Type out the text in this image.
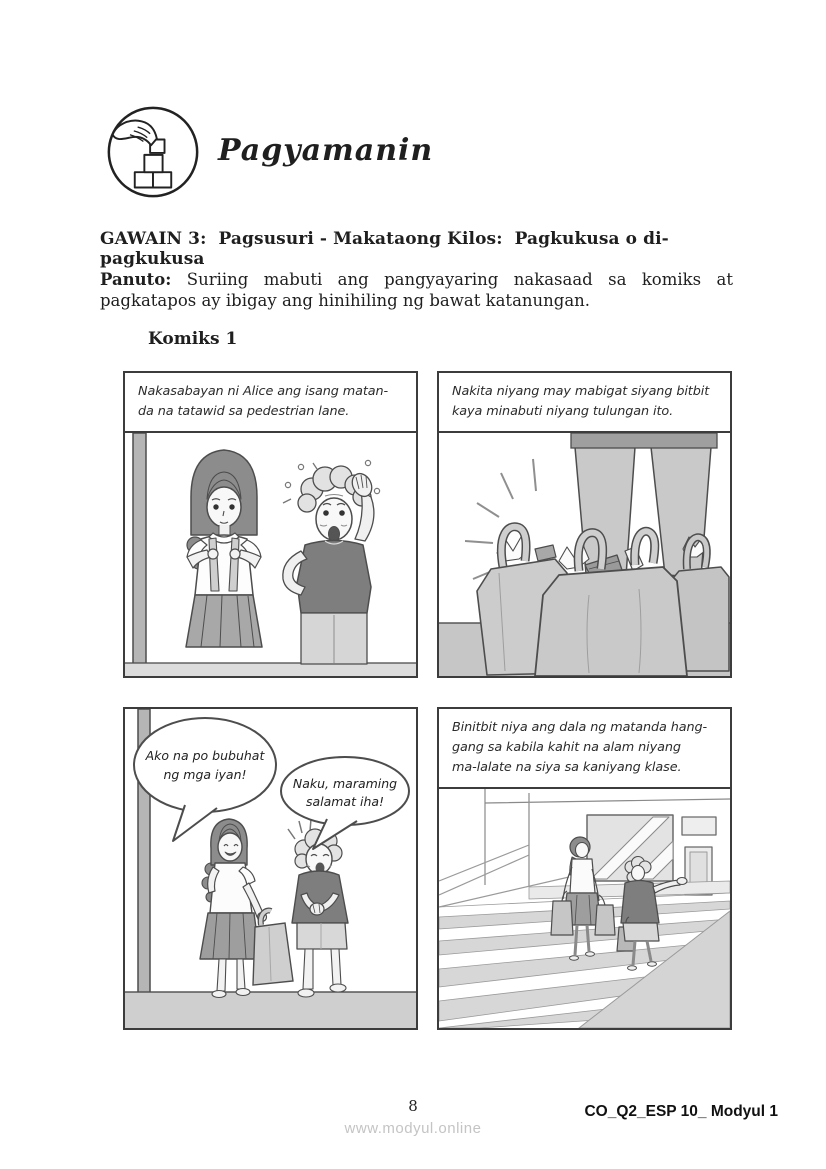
Pagyamanin
GAWAIN 3:  Pagsusuri - Makataong Kilos:  Pagkukusa o di-pagkukusa
Panuto: Suriing mabuti ang pangyayaring nakasaad sa komiks at
pagkatapos ay ibigay ang hinihiling ng bawat katanungan.
Komiks 1
Nakasabayan ni Alice ang isang matan-
da na tatawid sa pedestrian lane.
Nakita niyang may mabigat siyang bitbit
kaya minabuti niyang tulungan ito.
Ako na po bubuhat
ng mga iyan!
Naku, maraming
salamat iha!
Binitbit niya ang dala ng matanda hang-
gang sa kabila kahit na alam niyang
ma-lalate na siya sa kaniyang klase.
8
www.modyul.online
CO_Q2_ESP 10_ Modyul 1
